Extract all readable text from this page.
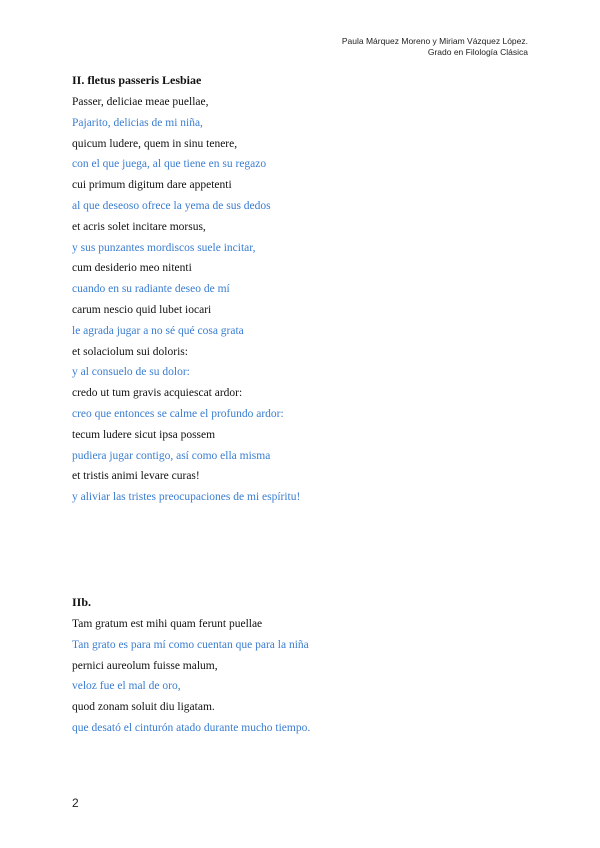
Paula Márquez Moreno y Miriam Vázquez López.
Grado en Filología Clásica
II. fletus passeris Lesbiae
Passer, deliciae meae puellae,
Pajarito, delicias de mi niña,
quicum ludere, quem in sinu tenere,
con el que juega, al que tiene en su regazo
cui primum digitum dare appetenti
al que deseoso ofrece la yema de sus dedos
et acris solet incitare morsus,
y sus punzantes mordiscos suele incitar,
cum desiderio meo nitenti
cuando en su radiante deseo de mí
carum nescio quid lubet iocari
le agrada jugar a no sé qué cosa grata
et solaciolum sui doloris:
y al consuelo de su dolor:
credo ut tum gravis acquiescat ardor:
creo que entonces se calme el profundo ardor:
tecum ludere sicut ipsa possem
pudiera jugar contigo, así como ella misma
et tristis animi levare curas!
y aliviar las tristes preocupaciones de mi espíritu!
IIb.
Tam gratum est mihi quam ferunt puellae
Tan grato es para mí como cuentan que para la niña
pernici aureolum fuisse malum,
veloz fue el mal de oro,
quod zonam soluit diu ligatam.
que desató el cinturón atado durante mucho tiempo.
2
